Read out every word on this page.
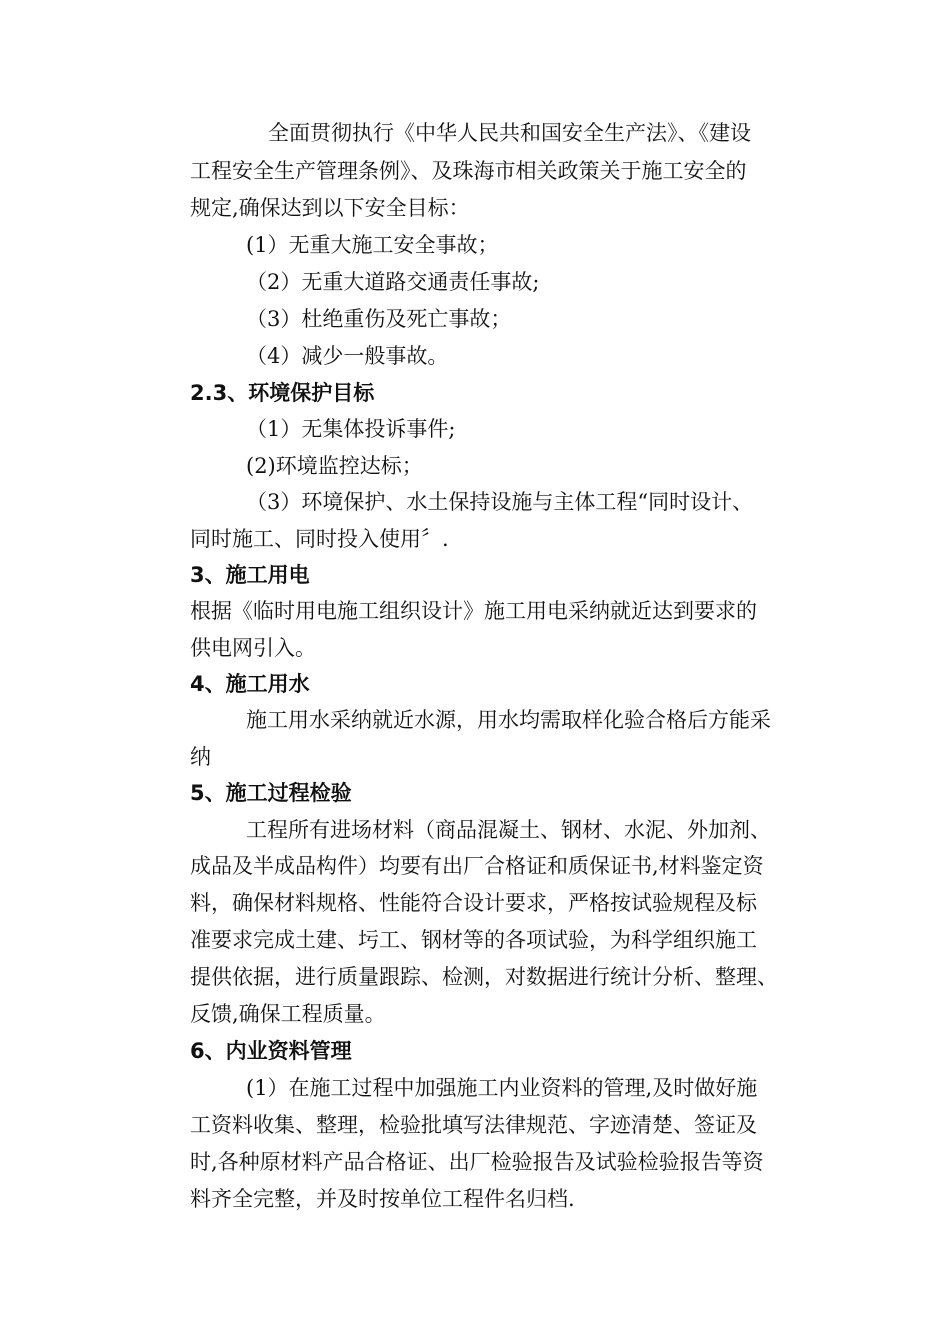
全面贯彻执行《中华人民共和国安全生产法》、《建设
工程安全生产管理条例》、及珠海市相关政策关于施工安全的
规定,确保达到以下安全目标：
(1）无重大施工安全事故；
（2）无重大道路交通责任事故;
（3）杜绝重伤及死亡事故；
（4）减少一般事故。
2.3、环境保护目标
（1）无集体投诉事件;
(2)环境监控达标；
（3）环境保护、水土保持设施与主体工程“同时设计、
同时施工、同时投入使用〞.
3、施工用电
根据《临时用电施工组织设计》施工用电采纳就近达到要求的
供电网引入。
4、施工用水
施工用水采纳就近水源，用水均需取样化验合格后方能采
纳
5、施工过程检验
工程所有进场材料（商品混凝土、钢材、水泥、外加剂、
成品及半成品构件）均要有出厂合格证和质保证书,材料鉴定资
料，确保材料规格、性能符合设计要求，严格按试验规程及标
准要求完成土建、圬工、钢材等的各项试验，为科学组织施工
提供依据，进行质量跟踪、检测，对数据进行统计分析、整理、
反馈,确保工程质量。
6、内业资料管理
(1）在施工过程中加强施工内业资料的管理,及时做好施
工资料收集、整理，检验批填写法律规范、字迹清楚、签证及
时,各种原材料产品合格证、出厂检验报告及试验检验报告等资
料齐全完整，并及时按单位工程件名归档.
